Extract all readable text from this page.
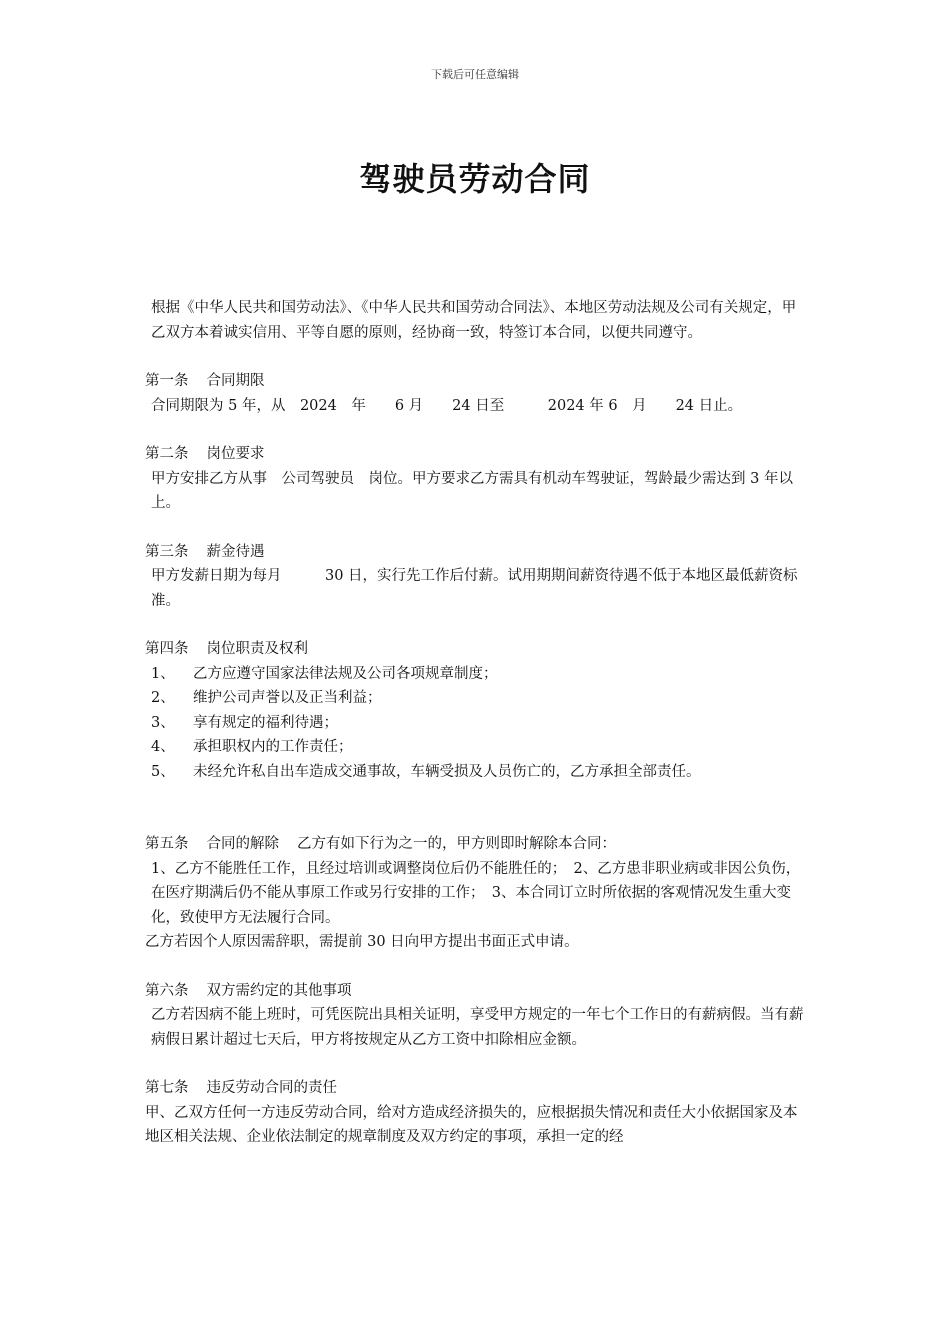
下载后可任意编辑
驾驶员劳动合同

根据《中华人民共和国劳动法》、《中华人民共和国劳动合同法》、本地区劳动法规及公司有关规定，甲乙双方本着诚实信用、平等自愿的原则，经协商一致，特签订本合同，以便共同遵守。

第一条 合同期限

合同期限为 5 年，从　2024　年　　6 月　　24 日至　　　2024 年 6　月　　24 日止。

第二条 岗位要求

甲方安排乙方从事　公司驾驶员　岗位。甲方要求乙方需具有机动车驾驶证，驾龄最少需达到 3 年以上。

第三条 薪金待遇

甲方发薪日期为每月　　　30 日，实行先工作后付薪。试用期期间薪资待遇不低于本地区最低薪资标准。

第四条 岗位职责及权利

1、 乙方应遵守国家法律法规及公司各项规章制度；

2、 维护公司声誉以及正当利益；

3、 享有规定的福利待遇；

4、 承担职权内的工作责任；

5、 未经允许私自出车造成交通事故，车辆受损及人员伤亡的，乙方承担全部责任。

第五条 合同的解除 乙方有如下行为之一的，甲方则即时解除本合同：

1、乙方不能胜任工作，且经过培训或调整岗位后仍不能胜任的；　2、乙方患非职业病或非因公负伤，在医疗期满后仍不能从事原工作或另行安排的工作；　3、本合同订立时所依据的客观情况发生重大变化，致使甲方无法履行合同。

乙方若因个人原因需辞职，需提前 30 日向甲方提出书面正式申请。

第六条 双方需约定的其他事项

乙方若因病不能上班时，可凭医院出具相关证明，享受甲方规定的一年七个工作日的有薪病假。当有薪病假日累计超过七天后，甲方将按规定从乙方工资中扣除相应金额。

第七条 违反劳动合同的责任

甲、乙双方任何一方违反劳动合同，给对方造成经济损失的，应根据损失情况和责任大小依据国家及本地区相关法规、企业依法制定的规章制度及双方约定的事项，承担一定的经
